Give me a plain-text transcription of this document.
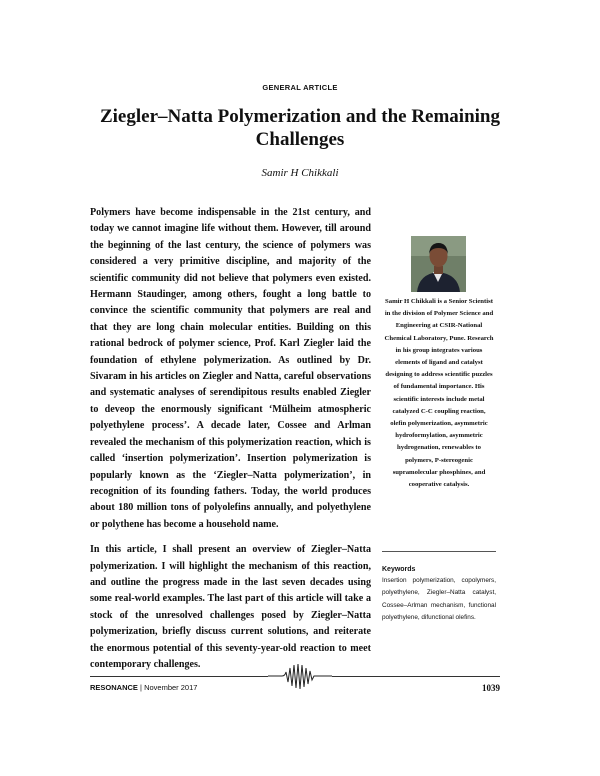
GENERAL ARTICLE
Ziegler–Natta Polymerization and the Remaining Challenges
Samir H Chikkali

Polymers have become indispensable in the 21st century, and today we cannot imagine life without them. However, till around the beginning of the last century, the science of polymers was considered a very primitive discipline, and majority of the scientific community did not believe that polymers even existed. Hermann Staudinger, among others, fought a long battle to convince the scientific community that polymers are real and that they are long chain molecular entities. Building on this rational bedrock of polymer science, Prof. Karl Ziegler laid the foundation of ethylene polymerization. As outlined by Dr. Sivaram in his articles on Ziegler and Natta, careful observations and systematic analyses of serendipitous results enabled Ziegler to deveop the enormously significant ‘Mülheim atmospheric polyethylene process’. A decade later, Cossee and Arlman revealed the mechanism of this polymerization reaction, which is called ‘insertion polymerization’. Insertion polymerization is popularly known as the ‘Ziegler–Natta polymerization’, in recognition of its founding fathers. Today, the world produces about 180 million tons of polyolefins annually, and polyethylene or polythene has become a household name.

In this article, I shall present an overview of Ziegler–Natta polymerization. I will highlight the mechanism of this reaction, and outline the progress made in the last seven decades using some real-world examples. The last part of this article will take a stock of the unresolved challenges posed by Ziegler–Natta polymerization, briefly discuss current solutions, and reiterate the enormous potential of this seventy-year-old reaction to meet contemporary challenges.

Samir H Chikkali is a Senior Scientist in the division of Polymer Science and Engineering at CSIR-National Chemical Laboratory, Pune. Research in his group integrates various elements of ligand and catalyst designing to address scientific puzzles of fundamental importance. His scientific interests include metal catalyzed C-C coupling reaction, olefin polymerization, asymmetric hydroformylation, asymmetric hydrogenation, renewables to polymers, P-stereogenic supramolecular phosphines, and cooperative catalysis.
Keywords
Insertion polymerization, copolymers, polyethylene, Ziegler–Natta catalyst, Cossee–Arlman mechanism, functional polyethylene, difunctional olefins.
RESONANCE | November 2017	1039
